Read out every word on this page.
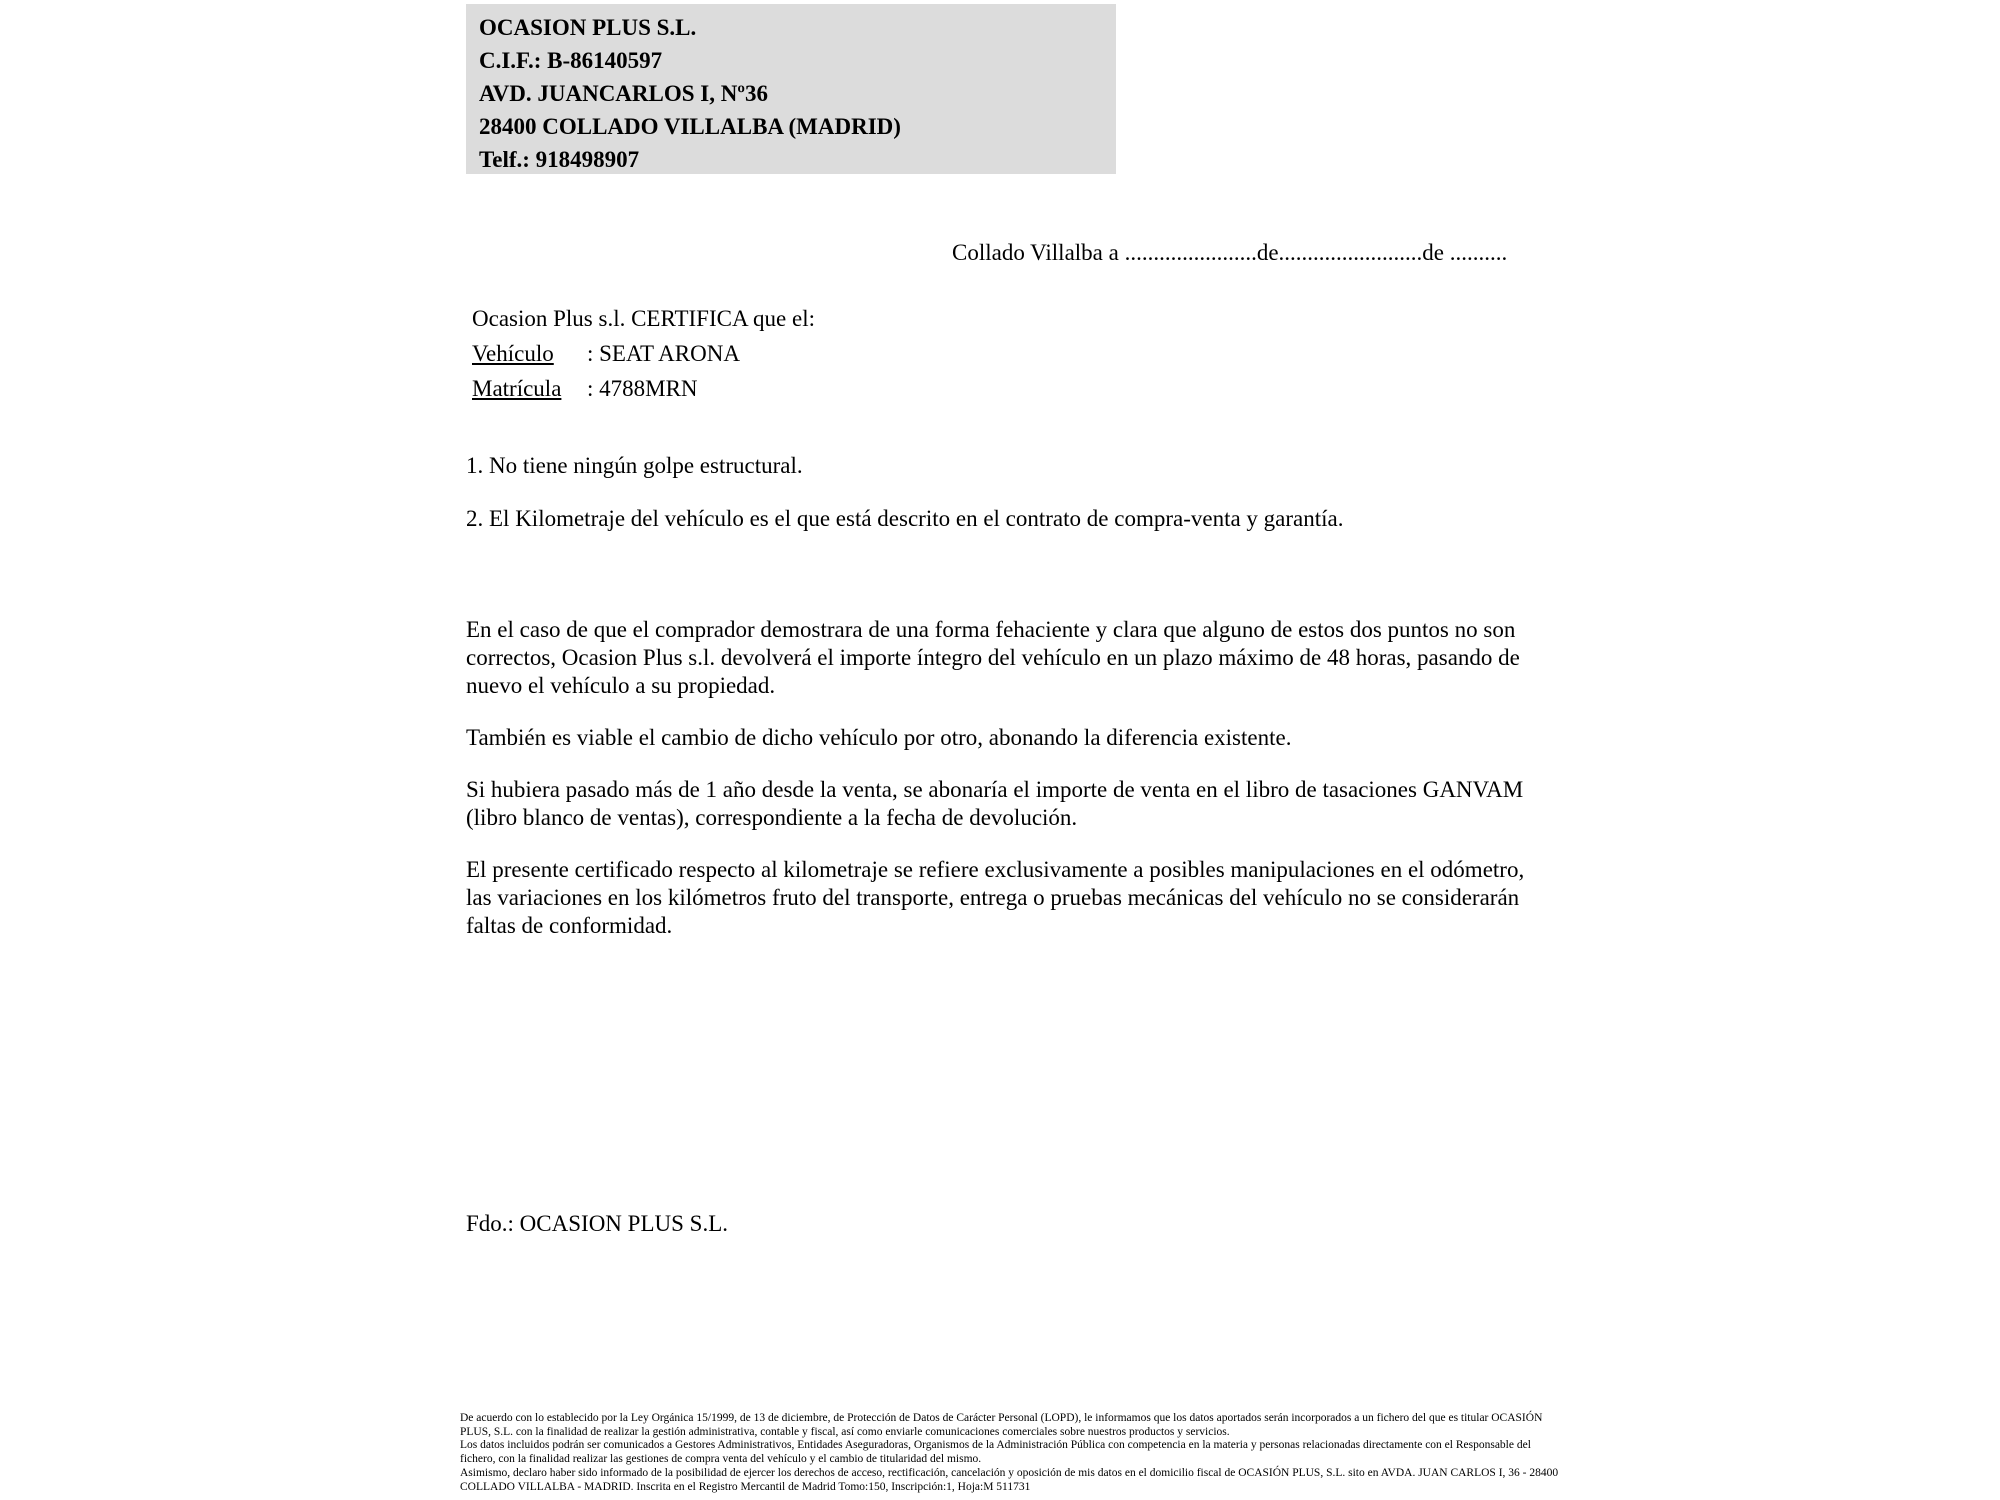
OCASION PLUS S.L.
C.I.F.: B-86140597
AVD. JUANCARLOS I, Nº36
28400 COLLADO VILLALBA (MADRID)
Telf.: 918498907
Collado Villalba a .......................de.........................de ..........
Ocasion Plus s.l. CERTIFICA que el:
Vehículo : SEAT ARONA
Matrícula : 4788MRN
1. No tiene ningún golpe estructural.
2. El Kilometraje del vehículo es el que está descrito en el contrato de compra-venta y garantía.

En el caso de que el comprador demostrara de una forma fehaciente y clara que alguno de estos dos puntos no son correctos, Ocasion Plus s.l. devolverá el importe íntegro del vehículo en un plazo máximo de 48 horas, pasando de nuevo el vehículo a su propiedad.

También es viable el cambio de dicho vehículo por otro, abonando la diferencia existente.

Si hubiera pasado más de 1 año desde la venta, se abonaría el importe de venta en el libro de tasaciones GANVAM (libro blanco de ventas), correspondiente a la fecha de devolución.

El presente certificado respecto al kilometraje se refiere exclusivamente a posibles manipulaciones en el odómetro, las variaciones en los kilómetros fruto del transporte, entrega o pruebas mecánicas del vehículo no se considerarán faltas de conformidad.

Fdo.: OCASION PLUS S.L.
De acuerdo con lo establecido por la Ley Orgánica 15/1999, de 13 de diciembre, de Protección de Datos de Carácter Personal (LOPD), le informamos que los datos aportados serán incorporados a un fichero del que es titular OCASIÓN PLUS, S.L. con la finalidad de realizar la gestión administrativa, contable y fiscal, así como enviarle comunicaciones comerciales sobre nuestros productos y servicios.
Los datos incluidos podrán ser comunicados a Gestores Administrativos, Entidades Aseguradoras, Organismos de la Administración Pública con competencia en la materia y personas relacionadas directamente con el Responsable del fichero, con la finalidad realizar las gestiones de compra venta del vehículo y el cambio de titularidad del mismo.
Asimismo, declaro haber sido informado de la posibilidad de ejercer los derechos de acceso, rectificación, cancelación y oposición de mis datos en el domicilio fiscal de OCASIÓN PLUS, S.L. sito en AVDA. JUAN CARLOS I, 36 - 28400 COLLADO VILLALBA - MADRID. Inscrita en el Registro Mercantil de Madrid Tomo:150, Inscripción:1, Hoja:M 511731
